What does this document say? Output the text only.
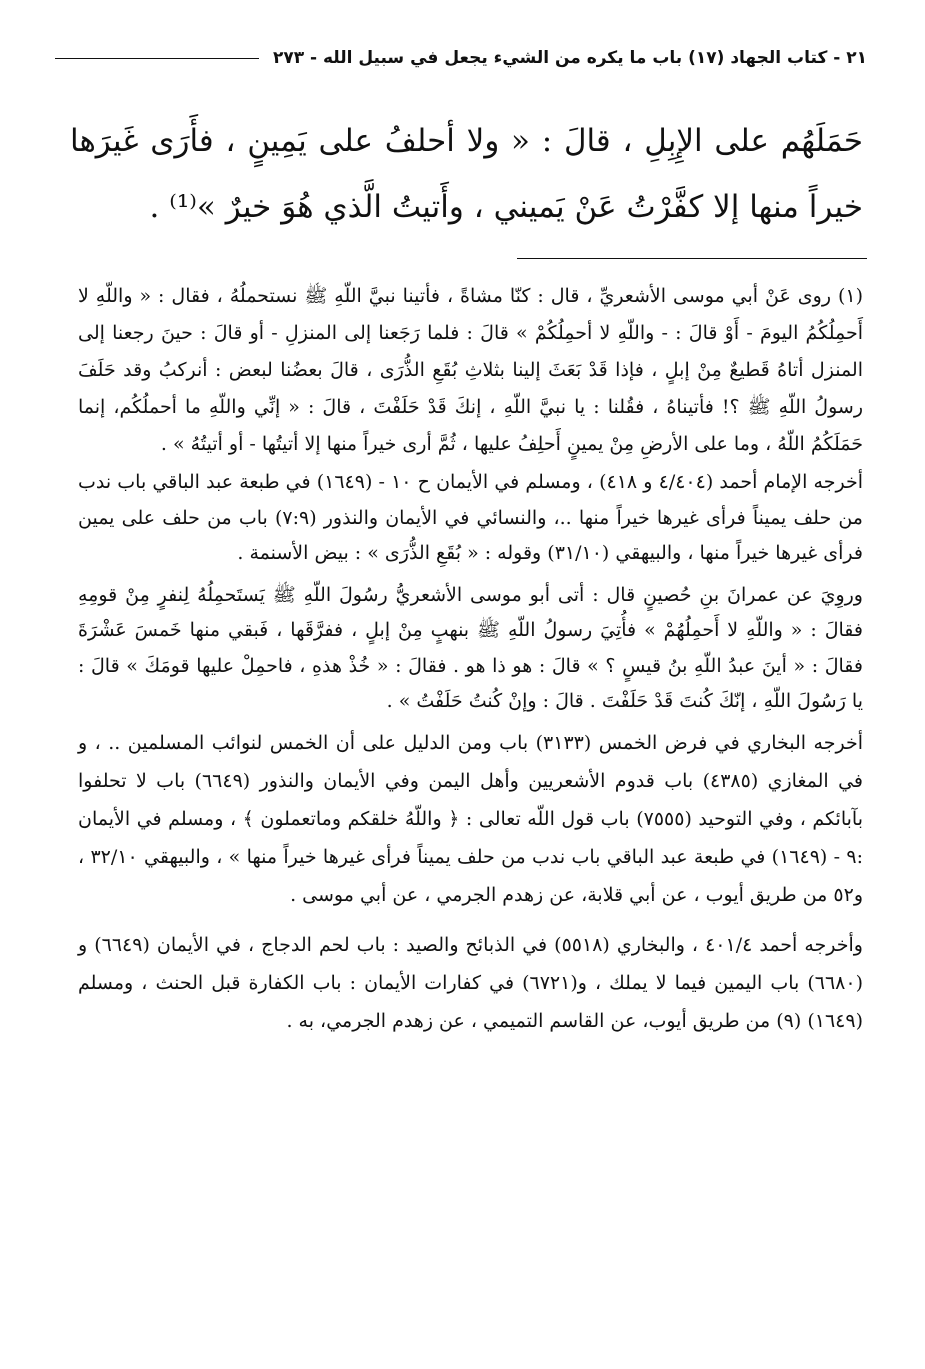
٢١ - كتاب الجهاد (١٧) باب ما يكره من الشيء يجعل في سبيل الله - ٢٧٣

حَمَلَهُم على الإِبِلِ ، قالَ : « ولا أحلفُ على يَمِينٍ ، فأَرَى غَيرَها خيراً منها إلا كفَّرْتُ عَنْ يَميني ، وأَتيتُ الَّذي هُوَ خيرٌ »⁽¹⁾ .

(١) روى عَنْ أبي موسى الأشعريِّ ، قال : كنّا مشاةً ، فأتينا نبيَّ اللّهِ ﷺ نستحملُهُ ، فقال : « واللّهِ لا أَحمِلُكُمُ اليومَ - أَوْ قالَ : - واللّهِ لا أحمِلُكُمْ » قالَ : فلما رَجَعنا إلى المنزلِ - أو قالَ : حينَ رجعنا إلى المنزل أتاهُ قَطيعٌ مِنْ إبلٍ ، فإذا قَدْ بَعَثَ إلينا بثلاثِ بُقَعِ الذُّرَى ، قالَ بعضُنا لبعض : أنركبُ وقد حَلَفَ رسولُ اللّهِ ﷺ ؟! فأتيناهُ ، فقُلنا : يا نبيَّ اللّهِ ، إنكَ قَدْ حَلَفْتَ ، قالَ : « إنِّي واللّهِ ما أحملُكُم، إنما حَمَلَكُمُ اللّهُ ، وما على الأرضِ مِنْ يمينٍ أَحلِفُ عليها ، ثُمَّ أرى خيراً منها إلا أتيتُها - أو أتيتُهُ » .

أخرجه الإمام أحمد (٤/٤٠٤ و ٤١٨) ، ومسلم في الأيمان ح ١٠ - (١٦٤٩) في طبعة عبد الباقي باب ندب من حلف يميناً فرأى غيرها خيراً منها ..، والنسائي في الأيمان والنذور (٧:٩) باب من حلف على يمين فرأى غيرها خيراً منها ، والبيهقي (٣١/١٠) وقوله : « بُقَعِ الذُّرَى » : بيض الأسنمة .

وروِيَ عن عمرانَ بنِ حُصينٍ قال : أتى أبو موسى الأشعريُّ رسُولَ اللّهِ ﷺ يَستَحمِلُهُ لِنفرٍ مِنْ قومِهِ فقالَ : « واللّهِ لا أَحمِلُهُمْ » فأُتِيَ رسولُ اللّهِ ﷺ بنهبٍ مِنْ إبلٍ ، ففرَّقَها ، فَبقي منها خَمسَ عَشْرَةَ فقالَ : « أينَ عبدُ اللّهِ بنُ قيسٍ ؟ » قالَ : هو ذا هو . فقالَ : « خُذْ هذهِ ، فاحمِلْ عليها قومَكَ » قالَ : يا رَسُولَ اللّهِ ، إنّكَ كُنتَ قَدْ حَلَفْتَ . قالَ : وإنْ كُنتُ حَلَفْتُ » .

أخرجه البخاري في فرض الخمس (٣١٣٣) باب ومن الدليل على أن الخمس لنوائب المسلمين .. ، و في المغازي (٤٣٨٥) باب قدوم الأشعريين وأهل اليمن وفي الأيمان والنذور (٦٦٤٩) باب لا تحلفوا بآبائكم ، وفي التوحيد (٧٥٥٥) باب قول اللّه تعالى : ﴿ واللّهُ خلقكم وماتعملون ﴾ ، ومسلم في الأيمان :٩ - (١٦٤٩) في طبعة عبد الباقي باب ندب من حلف يميناً فرأى غيرها خيراً منها » ، والبيهقي ٣٢/١٠ ، و٥٢ من طريق أيوب ، عن أبي قلابة، عن زهدم الجرمي ، عن أبي موسى .

وأخرجه أحمد ٤٠١/٤ ، والبخاري (٥٥١٨) في الذبائح والصيد : باب لحم الدجاج ، في الأيمان (٦٦٤٩) و (٦٦٨٠) باب اليمين فيما لا يملك ، و(٦٧٢١) في كفارات الأيمان : باب الكفارة قبل الحنث ، ومسلم (١٦٤٩) (٩) من طريق أيوب، عن القاسم التميمي ، عن زهدم الجرمي، به .
